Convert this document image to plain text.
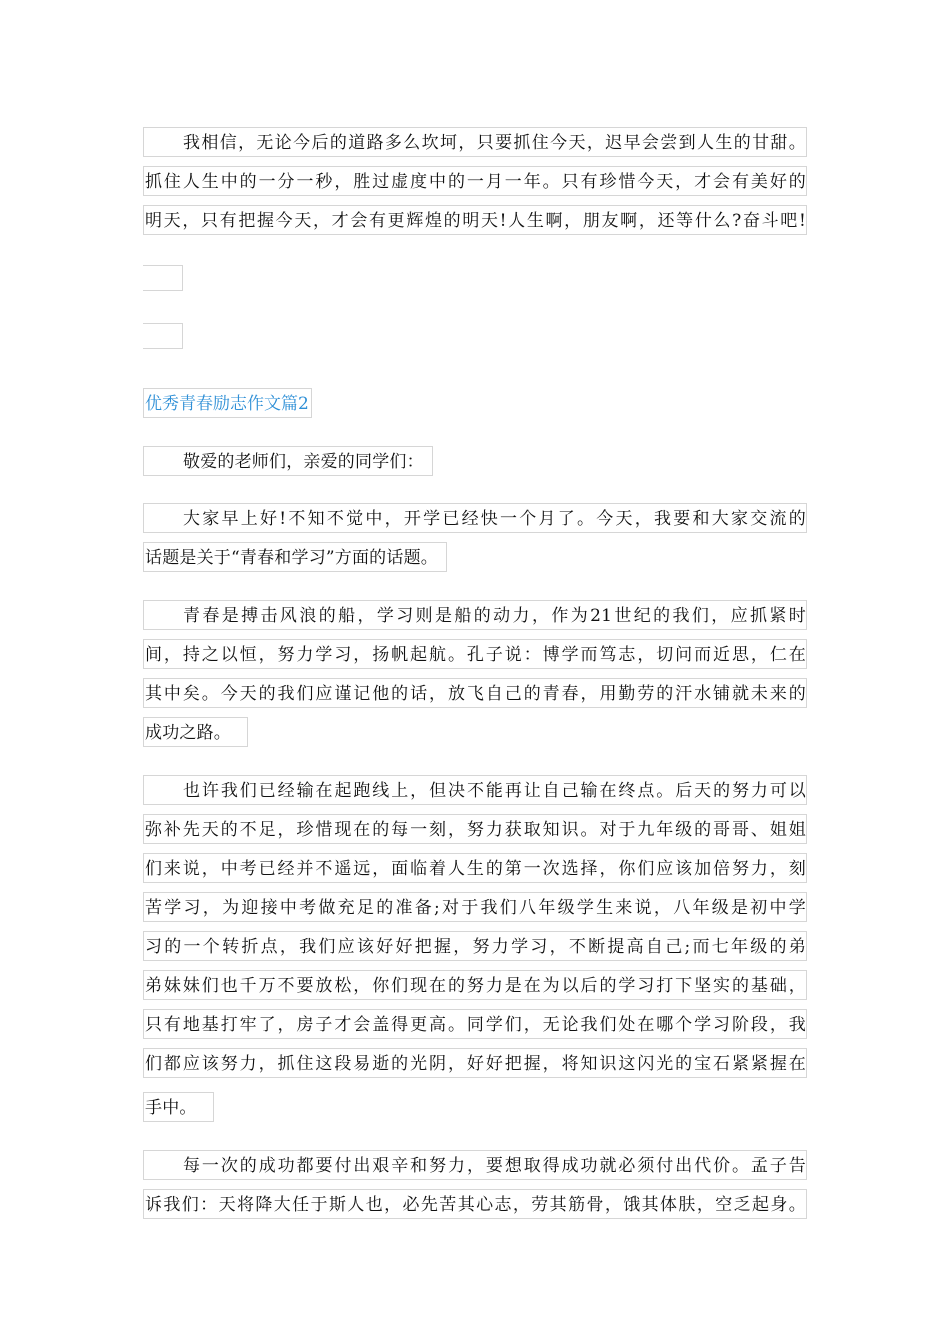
我相信，无论今后的道路多么坎坷，只要抓住今天，迟早会尝到人生的甘甜。
抓住人生中的一分一秒，胜过虚度中的一月一年。只有珍惜今天，才会有美好的
明天，只有把握今天，才会有更辉煌的明天!人生啊，朋友啊，还等什么?奋斗吧!
优秀青春励志作文篇2
敬爱的老师们，亲爱的同学们：
大家早上好!不知不觉中，开学已经快一个月了。今天，我要和大家交流的
话题是关于“青春和学习”方面的话题。
青春是搏击风浪的船，学习则是船的动力，作为21世纪的我们，应抓紧时
间，持之以恒，努力学习，扬帆起航。孔子说：博学而笃志，切问而近思，仁在
其中矣。今天的我们应谨记他的话，放飞自己的青春，用勤劳的汗水铺就未来的
成功之路。
也许我们已经输在起跑线上，但决不能再让自己输在终点。后天的努力可以
弥补先天的不足，珍惜现在的每一刻，努力获取知识。对于九年级的哥哥、姐姐
们来说，中考已经并不遥远，面临着人生的第一次选择，你们应该加倍努力，刻
苦学习，为迎接中考做充足的准备;对于我们八年级学生来说，八年级是初中学
习的一个转折点，我们应该好好把握，努力学习，不断提高自己;而七年级的弟
弟妹妹们也千万不要放松，你们现在的努力是在为以后的学习打下坚实的基础，
只有地基打牢了，房子才会盖得更高。同学们，无论我们处在哪个学习阶段，我
们都应该努力，抓住这段易逝的光阴，好好把握，将知识这闪光的宝石紧紧握在
手中。
每一次的成功都要付出艰辛和努力，要想取得成功就必须付出代价。孟子告
诉我们：天将降大任于斯人也，必先苦其心志，劳其筋骨，饿其体肤，空乏起身。
